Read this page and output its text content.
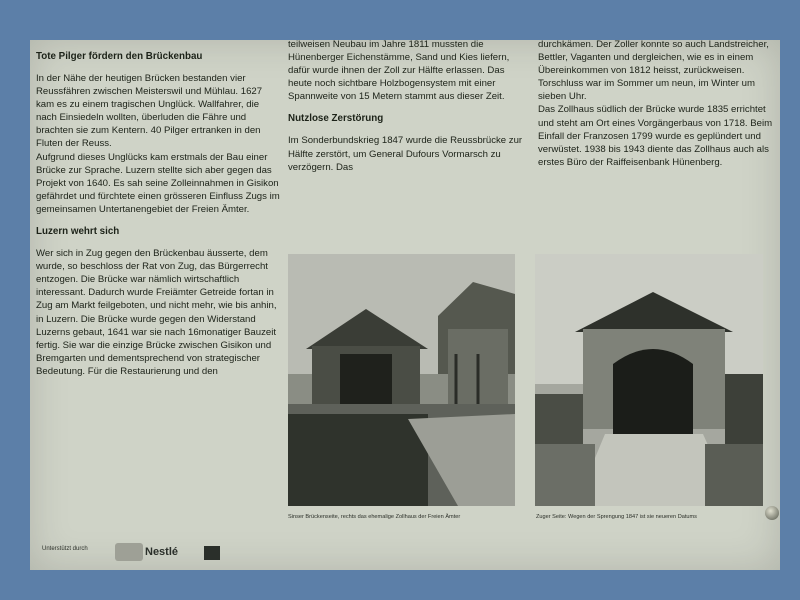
Tote Pilger fördern den Brückenbau

In der Nähe der heutigen Brücken bestanden vier Reussfähren zwischen Meisterswil und Mühlau. 1627 kam es zu einem tragischen Unglück. Wallfahrer, die nach Einsiedeln wollten, überluden die Fähre und brachten sie zum Kentern. 40 Pilger ertranken in den Fluten der Reuss.

Aufgrund dieses Unglücks kam erstmals der Bau einer Brücke zur Sprache. Luzern stellte sich aber gegen das Projekt von 1640. Es sah seine Zolleinnahmen in Gisikon gefährdet und fürchtete einen grösseren Einfluss Zugs im gemeinsamen Untertanengebiet der Freien Ämter.

Luzern wehrt sich

Wer sich in Zug gegen den Brückenbau äusserte, dem wurde, so beschloss der Rat von Zug, das Bürgerrecht entzogen. Die Brücke war nämlich wirtschaftlich interessant. Dadurch wurde Freiämter Getreide fortan in Zug am Markt feilgeboten, und nicht mehr, wie bis anhin, in Luzern. Die Brücke wurde gegen den Widerstand Luzerns gebaut, 1641 war sie nach 16monatiger Bauzeit fertig. Sie war die einzige Brücke zwischen Gisikon und Bremgarten und dementsprechend von strategischer Bedeutung. Für die Restaurierung und den

teilweisen Neubau im Jahre 1811 mussten die Hünenberger Eichenstämme, Sand und Kies liefern, dafür wurde ihnen der Zoll zur Hälfte erlassen. Das heute noch sichtbare Holzbogensystem mit einer Spannweite von 15 Metern stammt aus dieser Zeit.

Nutzlose Zerstörung

Im Sonderbundskrieg 1847 wurde die Reussbrücke zur Hälfte zerstört, um General Dufours Vormarsch zu verzögern. Das

durchkämen. Der Zoller konnte so auch Landstreicher, Bettler, Vaganten und dergleichen, wie es in einem Übereinkommen von 1812 heisst, zurückweisen. Torschluss war im Sommer um neun, im Winter um sieben Uhr.

Das Zollhaus südlich der Brücke wurde 1835 errichtet und steht am Ort eines Vorgängerbaus von 1718. Beim Einfall der Franzosen 1799 wurde es geplündert und verwüstet. 1938 bis 1943 diente das Zollhaus auch als erstes Büro der Raiffeisenbank Hünenberg.

Sinser Brückenseite, rechts das ehemalige Zollhaus der Freien Ämter	Zuger Seite: Wegen der Sprengung 1847 ist sie neueren Datums
Unterstützt durch	Nestlé
